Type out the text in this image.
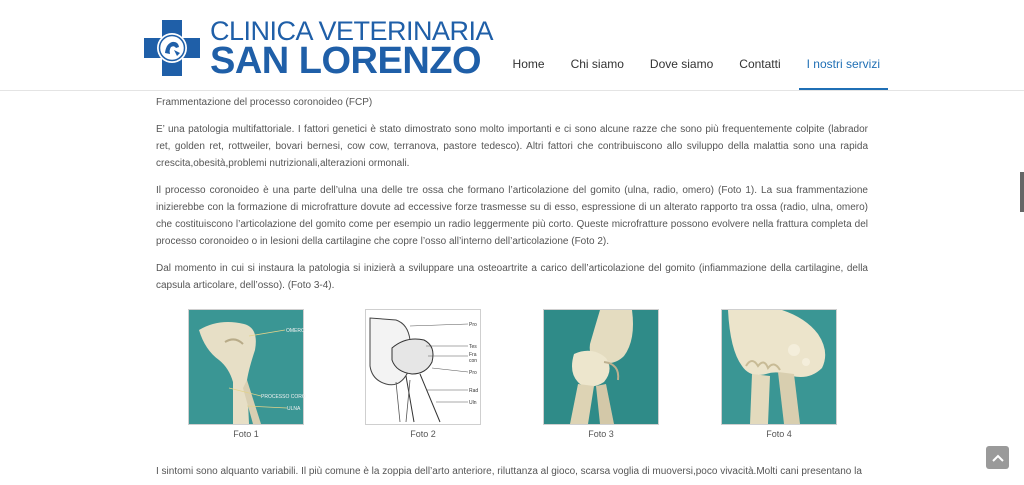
CLINICA VETERINARIA
SAN LORENZO	Home Chi siamo Dove siamo Contatti I nostri servizi

Frammentazione del processo coronoideo (FCP)

E’ una patologia multifattoriale. I fattori genetici è stato dimostrato sono molto importanti e ci sono alcune razze che sono più frequentemente colpite (labrador ret, golden ret, rottweiler, bovari bernesi, cow cow, terranova, pastore tedesco). Altri fattori che contribuiscono allo sviluppo della malattia sono una rapida crescita,obesità,problemi nutrizionali,alterazioni ormonali.

Il processo coronoideo è una parte dell’ulna una delle tre ossa che formano l’articolazione del gomito (ulna, radio, omero) (Foto 1). La sua frammentazione inizierebbe con la formazione di microfratture dovute ad eccessive forze trasmesse su di esso, espressione di un alterato rapporto tra ossa (radio, ulna, omero) che costituiscono l’articolazione del gomito come per esempio un radio leggermente più corto. Queste microfratture possono evolvere nella frattura completa del processo coronoideo o in lesioni della cartilagine che copre l’osso all’interno dell’articolazione (Foto 2).

Dal momento in cui si instaura la patologia si inizierà a sviluppare una osteoartrite a carico dell’articolazione del gomito (infiammazione della cartilagine, della capsula articolare, dell’osso). (Foto 3-4).

OMERO
PROCESSO CORO
ULNA
Foto 1
Pro
Tes
Fra
con
Pro
Rad
Uln
Foto 2	Foto 3	Foto 4
I sintomi sono alquanto variabili. Il più comune è la zoppia dell’arto anteriore, riluttanza al gioco, scarsa voglia di muoversi,poco vivacità.Molti cani presentano la
